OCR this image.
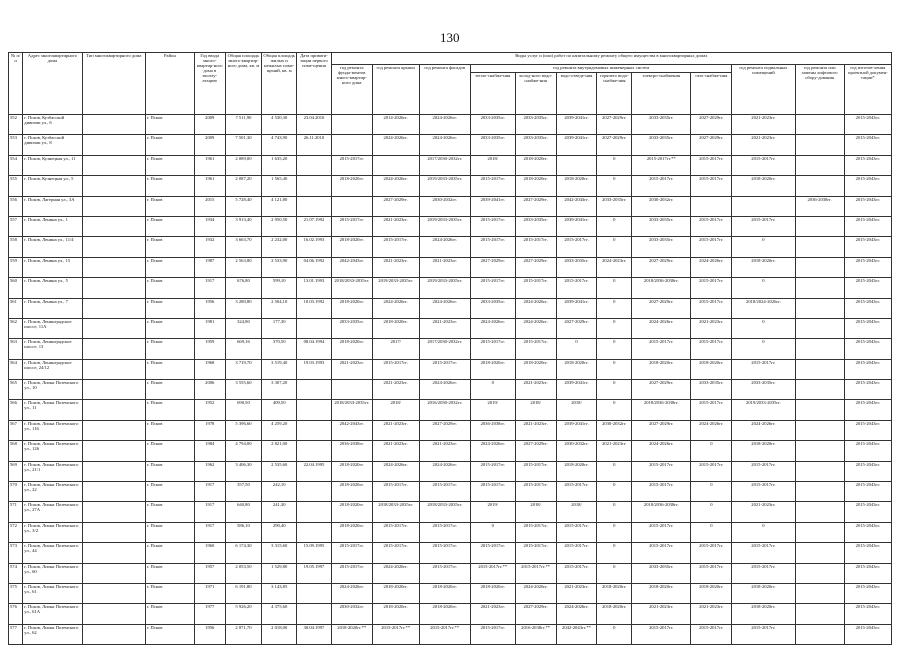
130
№ п/п	Адрес многоквартирного дома	Тип многоквартирного дома	Район	Год ввода много-квартир-ного дома в эксплу-атацию	Общая площадь много-квартир-ного дома, кв. м	Общая площадь жилых и нежилых поме-щений, кв. м	Дата привати-зации первого поме-щения	Виды услуг и (или) работ по капитальному ремонту общего имущества в многоквартирных домах											
								год ремонта фунда-ментов много-квартир-ного дома	год ремонта крыши	год ремонта фасадов	год ремонта внутридомовых инженерных систем						год ремонта подвальных помещений	год ремонта или замены лифтового обору-дования	год изготов-ления проектной докумен-тации*
											тепло-снабже-ния	холод-ного водо-снабже-ния	водо-отведе-ния	горячего водо-снабже-ния	электро-снабжения	газо-снабже-ния			
552	г. Псков, Кузбасской дивизии ул., 6		г. Псков	2009	7 511,90	4 530,30	23.04.2010		2014-2026гг.	2024-2026гг.	2033-2035гг.	2033-2035гг.	2039-2041гг.	2027-2029гг.	2033-2035гг.	2027-2029гг.	2021-2023гг.		2015-2043гг.
553	г. Псков, Кузбасской дивизии ул., 8		г. Псков	2009	7 501,30	4 743,90	26.11.2010		2024-2026гг.	2024-2026гг.	2033-2035гг.	2033-2035гг.	2039-2041гг.	2027-2029гг.	2033-2035гг.	2027-2029гг.	2021-2023гг.		2015-2043гг.
554	г. Псков, Кузнецкая ул., 11		г. Псков	1961	2 089,00	1 635,20		2015-2017гг.		2017/2030-2032гг.	2018/	2018-2020гг.		0	2015-2017гг.**	2015-2017гг.	2015-2017гг.		2015-2043гг.
555	г. Псков, Кузнецкая ул., 5		г. Псков	1961	2 087,20	1 565,40		2018-2020гг.	2024-2026гг.	2019/2033-2035гг.	2015-2017гг.	2018-2020гг.	2018-2020гг.	0	2015-2017гг.	2015-2017гг.	2018-2020гг.		2015-2043гг.
556	г. Псков, Лагерная ул., 3А		г. Псков	2015	5 728,40	4 121,80			2027-2029гг.	2030-2032гг.	2039-2041гг.	2027-2029гг.	2042-2043гг.	2033-2035гг.	2030-2032гг.			2036-2038гг.	2015-2043гг.
557	г. Псков, Ленина ул., 1		г. Псков	1934	3 913,40	2 950,50	21.07.1992	2015-2017гг.	2021-2023гг.	2019/2033-2035гг.	2015-2017гг.	2033-2035гг.	2039-2041гг.	0	2033-2035гг.	2015-2017гг.	2015-2017гг.		2015-2043гг.
558	г. Псков, Ленина ул., 11/4		г. Псков	1932	3 663,70	2 232,00	16.02.1993	2018-2020гг.	2015-2017гг.	2024-2026гг.	2015-2017гг.	2015-2017гг.	2015-2017гг.	0	2033-2035гг.	2015-2017гг.	0		2015-2043гг.
559	г. Псков, Ленина ул., 15		г. Псков	1987	2 563,80	2 533,90	04.06.1992	2042-2043гг.	2021-2023гг.	2021-2023гг.	2027-2029гг.	2027-2029гг.	2033-2035гг.	2024-2023гг.	2027-2029гг.	2024-2026гг.	2018-2020гг.		2015-2043гг.
560	г. Псков, Ленина ул., 5		г. Псков	1917	676,80	599,10	13.01.1993	2018/2033-2035гг.	2019/2033-2035гг.	2019/2033-2035гг.	2015-2017гг.	2015-2017гг.	2015-2017гг.	0	2018/2036-2038гг.	2015-2017гг.	0		2015-2043гг.
561	г. Псков, Ленина ул., 7		г. Псков	1956	3 280,80	2 504,10	10.03.1992	2018-2020гг.	2024-2026гг.	2024-2026гг.	2033-2035гг.	2024-2026гг.	2039-2041гг.	0	2027-2029гг.	2015-2017гг.	2018/2024-2026гг.		2015-2043гг.
562	г. Псков, Ленинградское шоссе, 11А		г. Псков	1981	324,80	177,30		2033-2035гг.	2018-2020гг.	2021-2023гг.	2024-2026гг.	2024-2026гг.	2027-2029гг.	0	2024-2026гг.	2021-2023гг.	0		2015-2043гг.
563	г. Псков, Ленинградское шоссе, 13		г. Псков	1959	669,16	370,50	08.04.1994	2018-2020гг.	2017/	2017/2030-2032гг.	2015-2017гг.	2015-2017гг.	0	0	2015-2017гг.	2015-2017гг.	0		2015-2043гг.
564	г. Псков, Ленинградское шоссе, 24/12		г. Псков	1968	3 719,70	3 519,40	19.03.1993	2021-2023гг.	2015-2017гг.	2015-2017гг.	2018-2020гг.	2018-2020гг.	2018-2020гг.	0	2018-2020гг.	2018-2020гг.	2015-2017гг.		2015-2043гг.
565	г. Псков, Лиона Поземского ул., 10		г. Псков	2006	3 555,60	3 307,20			2021-2023гг.	2024-2026гг.	0	2021-2023гг.	2039-2041гг.	0	2027-2029гг.	2033-2035гг.	2033-2035гг.		2015-2043гг.
566	г. Псков, Лиона Поземского ул., 11		г. Псков	1952	690,50	409,50		2018/2033-2035гг.	2018/	2016/2030-2032гг.	2019/	2018/	2018/	0	2018/2036-2038гг.	2015-2017гг.	2019/2033-2035гг.		2015-2043гг.
567	г. Псков, Лиона Поземского ул., 116		г. Псков	1978	5 396,60	4 259,20		2042-2043гг.	2021-2023гг.	2027-2029гг.	2036-2038гг.	2021-2023гг.	2039-2041гг.	2030-2032гг.	2027-2029гг.	2024-2026гг.	2024-2026гг.		2015-2043гг.
568	г. Псков, Лиона Поземского ул., 126		г. Псков	1984	4 794,00	2 821,00		2036-2038гг.	2021-2023гг.	2021-2023гг.	2024-2026гг.	2027-2029гг.	2030-2032гг.	2021-2023гг.	2024-2026гг.	0	2018-2020гг.		2015-2043гг.
569	г. Псков, Лиона Поземского ул., 21/1		г. Псков	1962	3 406,30	2 535,60	22.04.1995	2018-2020гг.	2024-2026гг.	2024-2026гг.	2015-2017гг.	2015-2017гг.	2018-2020гг.	0	2015-2017гг.	2015-2017гг.	2015-2017гг.		2015-2043гг.
570	г. Псков, Лиона Поземского ул., 22		г. Псков	1917	357,50	242,10		2018-2020гг.	2015-2017гг.	2015-2017гг.	2015-2017гг.	2015-2017гг.	2015-2017гг.	0	2015-2017гг.	0	2015-2017гг.		2015-2043гг.
571	г. Псков, Лиона Поземского ул., 27А		г. Псков	1917	640,80	241,30		2018-2020гг.	2018/2033-2035гг.	2018/2033-2035гг.	2019/	2018/	2018/	0	2018/2036-2038гг.	0	2021-2023гг.		2015-2043гг.
572	г. Псков, Лиона Поземского ул., 3/2		г. Псков	1917	586,10	290,40		2018-2020гг.	2015-2017гг.	2015-2017гг.	0	2015-2017гг.	2015-2017гг.	0	2015-2017гг.	0	0		2015-2043гг.
573	г. Псков, Лиона Поземского ул., 44		г. Псков	1960	6 174,30	3 315,60	15.09.1995	2015-2017гг.	2015-2017гг.	2015-2017гг.	2015-2017гг.	2015-2017гг.	2015-2017гг.	0	2015-2017гг.	2015-2017гг.	2015-2017гг.		2015-2043гг.
574	г. Псков, Лиона Поземского ул., 60		г. Псков	1957	2 053,50	1 529,80	19.05.1997	2015-2017гг.	2024-2026гг.	2015-2017гг.	2015-2017гг.**	2015-2017гг.**	2015-2017гг.	0	2033-2035гг.	2015-2017гг.	2015-2017гг.		2015-2043гг.
575	г. Псков, Лиона Поземского ул., 61		г. Псков	1971	6 191,80	3 143,85		2024-2026гг.	2018-2020гг.	2018-2020гг.	2018-2020гг.	2024-2026гг.	2021-2023гг.	2018-2020гг.	2018-2020гг.	2018-2020гг.	2018-2020гг.		2015-2043гг.
576	г. Псков, Лиона Поземского ул., 61А		г. Псков	1977	5 926,20	4 375,60		2030-2032гг.	2018-2020гг.	2018-2020гг.	2021-2023гг.	2027-2029гг.	2024-2026гг.	2018-2020гг.	2021-2023гг.	2021-2023гг.	2018-2020гг.		2015-2043гг.
577	г. Псков, Лиона Поземского ул., 62		г. Псков	1956	2 871,70	2 018,00	30.04.1997	2018-2020гг.**	2015-2017гг.**	2015-2017гг.**	2015-2017гг.	2016-2038гг.**	2042-2043гг.**	0	2015-2017гг.	2015-2017гг.	2015-2017гг.		2015-2043гг.
